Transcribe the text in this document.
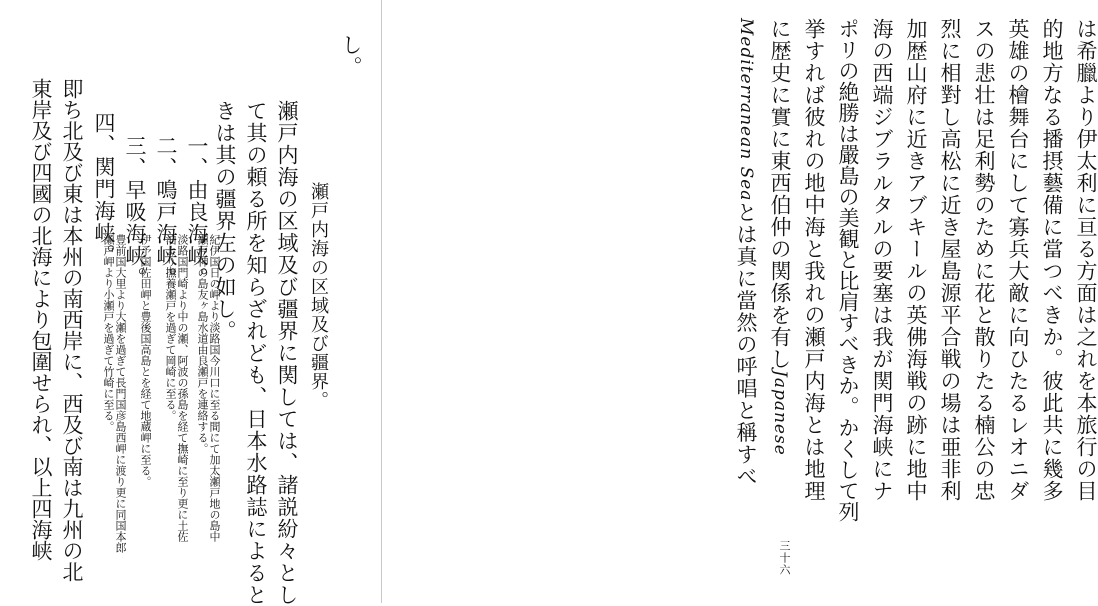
は希臘より伊太利に亘る方面は之れを本旅行の目
的地方なる播摂藝備に當つべきか。彼此共に幾多
英雄の檜舞台にして寡兵大敵に向ひたるレオニダ
スの悲壮は足利勢のために花と散りたる楠公の忠
烈に相對し高松に近き屋島源平合戦の場は亜非利
加歴山府に近きアブキールの英佛海戦の跡に地中
海の西端ジブラルタルの要塞は我が関門海峡にナ
ポリの絶勝は嚴島の美観と比肩すべきか。かくして列
挙すれば彼れの地中海と我れの瀬戸内海とは地理
に歴史に實に東西伯仲の関係を有しJapanese
Mediterranean Seaとは真に當然の呼唱と稱すべ
三十六
し。
瀬戸内海の区域及び疆界。
瀬戸内海の区域及び疆界に関しては、諸説紛々とし
て其の頼る所を知らざれども、日本水路誌によると
きは其の疆界左の如し。
一、由良海峡。
紀伊国日の岬より淡路国今川口に至る間にて加太瀬戸地の島中
瀬戸神の島友ヶ島水道由良瀬戸を連絡する。
二、鳴戸海峡。
淡路国門崎より中の瀬、阿波の孫島を経て撫崎に至り更に土佐
泊より撫養瀬戸を過ぎて岡崎に至る。
三、早吸海峡。
伊予国佐田岬と豊後国高島とを経て地蔵岬に至る。
四、関門海峡。
豊前国大里より大瀬を過ぎて長門国彦島西岬に渡り更に同国本郎
瀬戸岬より小瀬戸を過ぎて竹崎に至る。
即ち北及び東は本州の南西岸に、西及び南は九州の北
東岸及び四國の北海により包圍せられ、以上四海峡
